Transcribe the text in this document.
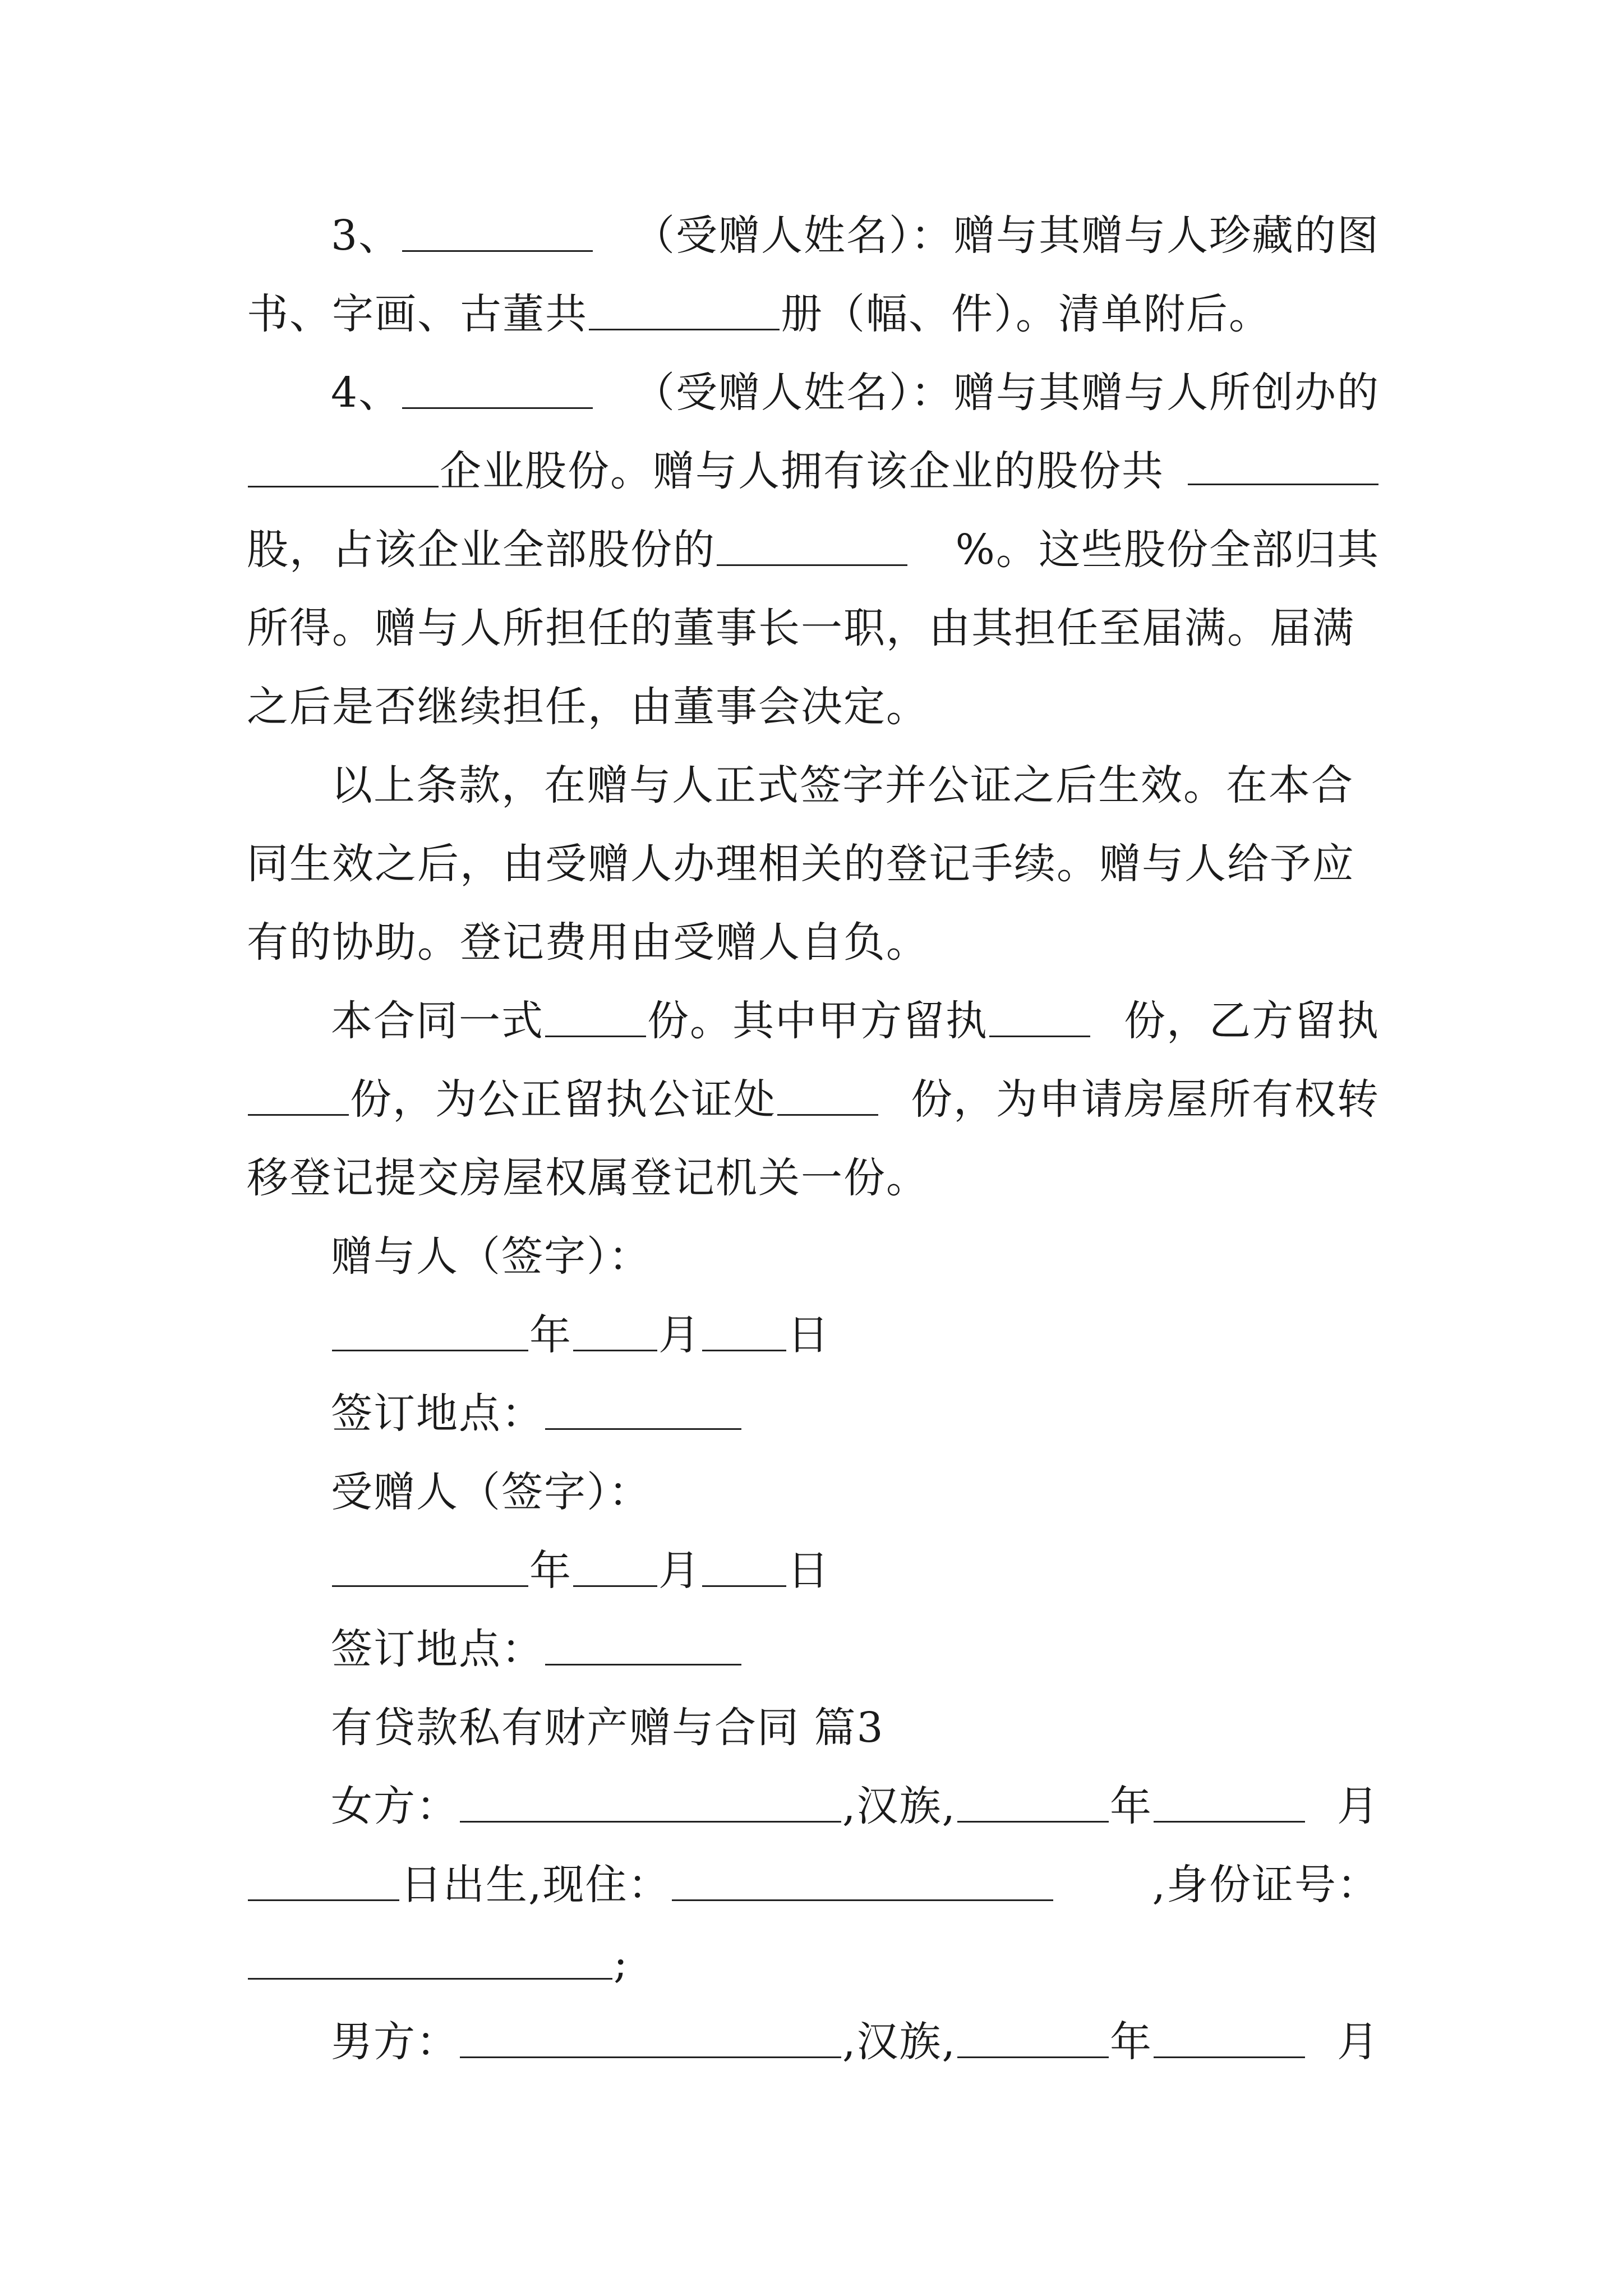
3、	（受赠人姓名）：赠与其赠与人珍藏的图
书、字画、古董共	册（幅、件）。清单附后。
4、	（受赠人姓名）：赠与其赠与人所创办的
企业股份。赠与人拥有该企业的股份共
股，占该企业全部股份的	%。这些股份全部归其
所得。赠与人所担任的董事长一职，由其担任至届满。届满
之后是否继续担任，由董事会决定。
以上条款，在赠与人正式签字并公证之后生效。在本合
同生效之后，由受赠人办理相关的登记手续。赠与人给予应
有的协助。登记费用由受赠人自负。
本合同一式 份。其中甲方留执	份，乙方留执
份，为公正留执公证处	份，为申请房屋所有权转
移登记提交房屋权属登记机关一份。
赠与人（签字）：
年 月 日
签订地点：
受赠人（签字）：
年 月 日
签订地点：
有贷款私有财产赠与合同 篇3
女方：	,汉族,	年	月
日出生,现住：	,身份证号：
;
男方：	,汉族,	年	月
